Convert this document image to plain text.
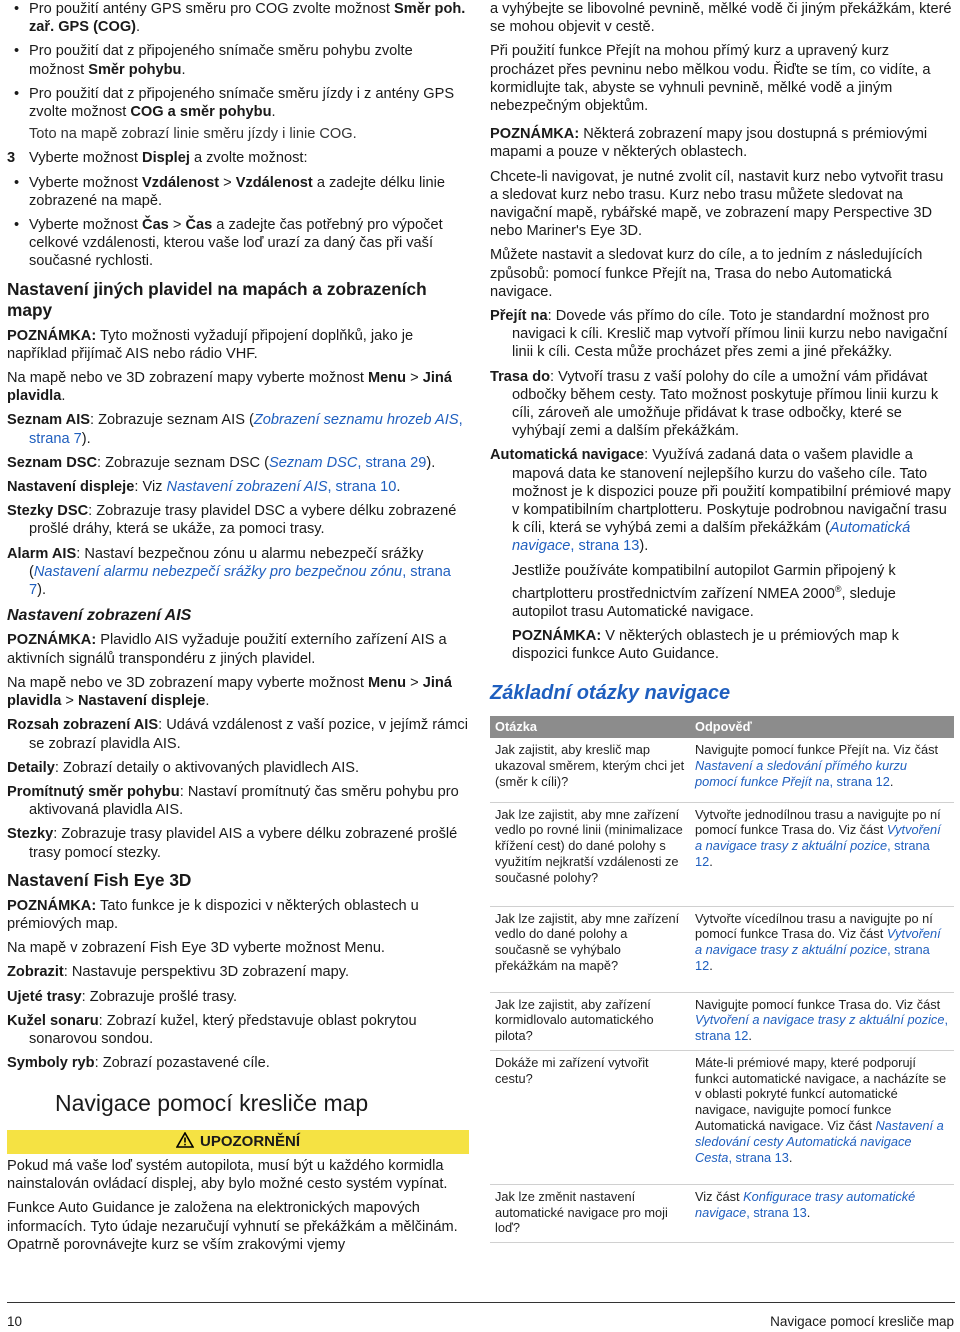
• Pro použití antény GPS směru pro COG zvolte možnost Směr poh. zař. GPS (COG).
• Pro použití dat z připojeného snímače směru pohybu zvolte možnost Směr pohybu.
• Pro použití dat z připojeného snímače směru jízdy i z antény GPS zvolte možnost COG a směr pohybu.

Toto na mapě zobrazí linie směru jízdy i linie COG.

3 Vyberte možnost Displej a zvolte možnost:
• Vyberte možnost Vzdálenost > Vzdálenost a zadejte délku linie zobrazené na mapě.
• Vyberte možnost Čas > Čas a zadejte čas potřebný pro výpočet celkové vzdálenosti, kterou vaše loď urazí za daný čas při vaší současné rychlosti.
Nastavení jiných plavidel na mapách a zobrazeních mapy

POZNÁMKA: Tyto možnosti vyžadují připojení doplňků, jako je například přijímač AIS nebo rádio VHF.

Na mapě nebo ve 3D zobrazení mapy vyberte možnost Menu > Jiná plavidla.

Seznam AIS: Zobrazuje seznam AIS (Zobrazení seznamu hrozeb AIS, strana 7).

Seznam DSC: Zobrazuje seznam DSC (Seznam DSC, strana 29).

Nastavení displeje: Viz Nastavení zobrazení AIS, strana 10.

Stezky DSC: Zobrazuje trasy plavidel DSC a vybere délku zobrazené prošlé dráhy, která se ukáže, za pomoci trasy.

Alarm AIS: Nastaví bezpečnou zónu u alarmu nebezpečí srážky (Nastavení alarmu nebezpečí srážky pro bezpečnou zónu, strana 7).

Nastavení zobrazení AIS

POZNÁMKA: Plavidlo AIS vyžaduje použití externího zařízení AIS a aktivních signálů transpondéru z jiných plavidel.

Na mapě nebo ve 3D zobrazení mapy vyberte možnost Menu > Jiná plavidla > Nastavení displeje.

Rozsah zobrazení AIS: Udává vzdálenost z vaší pozice, v jejímž rámci se zobrazí plavidla AIS.

Detaily: Zobrazí detaily o aktivovaných plavidlech AIS.

Promítnutý směr pohybu: Nastaví promítnutý čas směru pohybu pro aktivovaná plavidla AIS.

Stezky: Zobrazuje trasy plavidel AIS a vybere délku zobrazené prošlé trasy pomocí stezky.

Nastavení Fish Eye 3D

POZNÁMKA: Tato funkce je k dispozici v některých oblastech u prémiových map.

Na mapě v zobrazení Fish Eye 3D vyberte možnost Menu.

Zobrazit: Nastavuje perspektivu 3D zobrazení mapy.

Ujeté trasy: Zobrazuje prošlé trasy.

Kužel sonaru: Zobrazí kužel, který představuje oblast pokrytou sonarovou sondou.

Symboly ryb: Zobrazí pozastavené cíle.

Navigace pomocí kresliče map
UPOZORNĚNÍ

Pokud má vaše loď systém autopilota, musí být u každého kormidla nainstalován ovládací displej, aby bylo možné cesto systém vypínat.

Funkce Auto Guidance je založena na elektronických mapových informacích. Tyto údaje nezaručují vyhnutí se překážkám a mělčinám. Opatrně porovnávejte kurz se vším zrakovými vjemy

a vyhýbejte se libovolné pevnině, mělké vodě či jiným překážkám, které se mohou objevit v cestě.

Při použití funkce Přejít na mohou přímý kurz a upravený kurz procházet přes pevninu nebo mělkou vodu. Řiďte se tím, co vidíte, a kormidlujte tak, abyste se vyhnuli pevnině, mělké vodě a jiným nebezpečným objektům.

POZNÁMKA: Některá zobrazení mapy jsou dostupná s prémiovými mapami a pouze v některých oblastech.

Chcete-li navigovat, je nutné zvolit cíl, nastavit kurz nebo vytvořit trasu a sledovat kurz nebo trasu. Kurz nebo trasu můžete sledovat na navigační mapě, rybářské mapě, ve zobrazení mapy Perspective 3D nebo Mariner's Eye 3D.

Můžete nastavit a sledovat kurz do cíle, a to jedním z následujících způsobů: pomocí funkce Přejít na, Trasa do nebo Automatická navigace.

Přejít na: Dovede vás přímo do cíle. Toto je standardní možnost pro navigaci k cíli. Kreslič map vytvoří přímou linii kurzu nebo navigační linii k cíli. Cesta může procházet přes zemi a jiné překážky.

Trasa do: Vytvoří trasu z vaší polohy do cíle a umožní vám přidávat odbočky během cesty. Tato možnost poskytuje přímou linii kurzu k cíli, zároveň ale umožňuje přidávat k trase odbočky, které se vyhýbají zemi a dalším překážkám.

Automatická navigace: Využívá zadaná data o vašem plavidle a mapová data ke stanovení nejlepšího kurzu do vašeho cíle. Tato možnost je k dispozici pouze při použití kompatibilní prémiové mapy v kompatibilním chartplotteru. Poskytuje podrobnou navigační trasu k cíli, která se vyhýbá zemi a dalším překážkám (Automatická navigace, strana 13).

Jestliže používáte kompatibilní autopilot Garmin připojený k chartplotteru prostřednictvím zařízení NMEA 2000®, sleduje autopilot trasu Automatické navigace.

POZNÁMKA: V některých oblastech je u prémiových map k dispozici funkce Auto Guidance.

Základní otázky navigace

Otázka	Odpověď
Jak zajistit, aby kreslič map ukazoval směrem, kterým chci jet (směr k cíli)?	Navigujte pomocí funkce Přejít na. Viz část Nastavení a sledování přímého kurzu pomocí funkce Přejít na, strana 12.
Jak lze zajistit, aby mne zařízení vedlo po rovné linii (minimalizace křížení cest) do dané polohy s využitím nejkratší vzdálenosti ze současné polohy?	Vytvořte jednodílnou trasu a navigujte po ní pomocí funkce Trasa do. Viz část Vytvoření a navigace trasy z aktuální pozice, strana 12.
Jak lze zajistit, aby mne zařízení vedlo do dané polohy a současně se vyhýbalo překážkám na mapě?	Vytvořte vícedílnou trasu a navigujte po ní pomocí funkce Trasa do. Viz část Vytvoření a navigace trasy z aktuální pozice, strana 12.
Jak lze zajistit, aby zařízení kormidlovalo automatického pilota?	Navigujte pomocí funkce Trasa do. Viz část Vytvoření a navigace trasy z aktuální pozice, strana 12.
Dokáže mi zařízení vytvořit cestu?	Máte-li prémiové mapy, které podporují funkci automatické navigace, a nacházíte se v oblasti pokryté funkcí automatické navigace, navigujte pomocí funkce Automatická navigace. Viz část Nastavení a sledování cesty Automatická navigace Cesta, strana 13.
Jak lze změnit nastavení automatické navigace pro moji loď?	Viz část Konfigurace trasy automatické navigace, strana 13.
10	Navigace pomocí kresliče map
